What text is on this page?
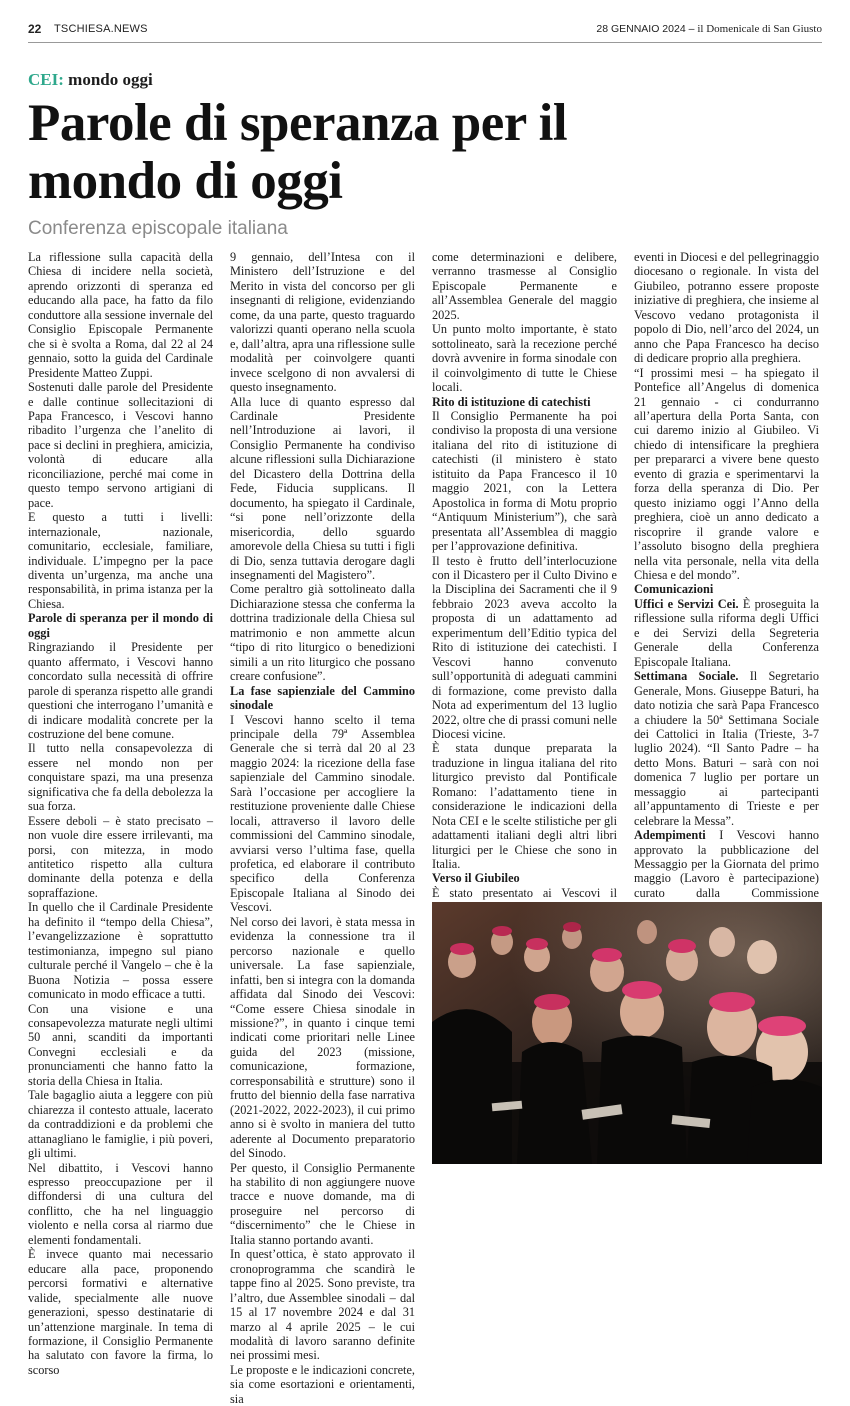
22 TSCHIESA.NEWS	28 GENNAIO 2024 – il Domenicale di San Giusto
CEI: mondo oggi
Parole di speranza per il mondo di oggi
Conferenza episcopale italiana

La riflessione sulla capacità della Chiesa di incidere nella società, aprendo orizzonti di speranza ed educando alla pace, ha fatto da filo conduttore alla sessione invernale del Consiglio Episcopale Permanente che si è svolta a Roma, dal 22 al 24 gennaio, sotto la guida del Cardinale Presidente Matteo Zuppi.

Sostenuti dalle parole del Presidente e dalle continue sollecitazioni di Papa Francesco, i Vescovi hanno ribadito l’urgenza che l’anelito di pace si declini in preghiera, amicizia, volontà di educare alla riconciliazione, perché mai come in questo tempo servono artigiani di pace.

E questo a tutti i livelli: internazionale, nazionale, comunitario, ecclesiale, familiare, individuale. L’impegno per la pace diventa un’urgenza, ma anche una responsabilità, in prima istanza per la Chiesa.

Parole di speranza per il mondo di oggi

Ringraziando il Presidente per quanto affermato, i Vescovi hanno concordato sulla necessità di offrire parole di speranza rispetto alle grandi questioni che interrogano l’umanità e di indicare modalità concrete per la costruzione del bene comune.

Il tutto nella consapevolezza di essere nel mondo non per conquistare spazi, ma una presenza significativa che fa della debolezza la sua forza.

Essere deboli – è stato precisato – non vuole dire essere irrilevanti, ma porsi, con mitezza, in modo antitetico rispetto alla cultura dominante della potenza e della sopraffazione.

In quello che il Cardinale Presidente ha definito il “tempo della Chiesa”, l’evangelizzazione è soprattutto testimonianza, impegno sul piano culturale perché il Vangelo – che è la Buona Notizia – possa essere comunicato in modo efficace a tutti.

Con una visione e una consapevolezza maturate negli ultimi 50 anni, scanditi da importanti Convegni ecclesiali e da pronunciamenti che hanno fatto la storia della Chiesa in Italia.

Tale bagaglio aiuta a leggere con più chiarezza il contesto attuale, lacerato da contraddizioni e da problemi che attanagliano le famiglie, i più poveri, gli ultimi.

Nel dibattito, i Vescovi hanno espresso preoccupazione per il diffondersi di una cultura del conflitto, che ha nel linguaggio violento e nella corsa al riarmo due elementi fondamentali.

È invece quanto mai necessario educare alla pace, proponendo percorsi formativi e alternative valide, specialmente alle nuove generazioni, spesso destinatarie di un’attenzione marginale. In tema di formazione, il Consiglio Permanente ha salutato con favore la firma, lo scorso

9 gennaio, dell’Intesa con il Ministero dell’Istruzione e del Merito in vista del concorso per gli insegnanti di religione, evidenziando come, da una parte, questo traguardo valorizzi quanti operano nella scuola e, dall’altra, apra una riflessione sulle modalità per coinvolgere quanti invece scelgono di non avvalersi di questo insegnamento.

Alla luce di quanto espresso dal Cardinale Presidente nell’Introduzione ai lavori, il Consiglio Permanente ha condiviso alcune riflessioni sulla Dichiarazione del Dicastero della Dottrina della Fede, Fiducia supplicans. Il documento, ha spiegato il Cardinale, “si pone nell’orizzonte della misericordia, dello sguardo amorevole della Chiesa su tutti i figli di Dio, senza tuttavia derogare dagli insegnamenti del Magistero”.

Come peraltro già sottolineato dalla Dichiarazione stessa che conferma la dottrina tradizionale della Chiesa sul matrimonio e non ammette alcun “tipo di rito liturgico o benedizioni simili a un rito liturgico che possano creare confusione”.

La fase sapienziale del Cammino sinodale

I Vescovi hanno scelto il tema principale della 79ª Assemblea Generale che si terrà dal 20 al 23 maggio 2024: la ricezione della fase sapienziale del Cammino sinodale. Sarà l’occasione per accogliere la restituzione proveniente dalle Chiese locali, attraverso il lavoro delle commissioni del Cammino sinodale, avviarsi verso l’ultima fase, quella profetica, ed elaborare il contributo specifico della Conferenza Episcopale Italiana al Sinodo dei Vescovi.

Nel corso dei lavori, è stata messa in evidenza la connessione tra il percorso nazionale e quello universale. La fase sapienziale, infatti, ben si integra con la domanda affidata dal Sinodo dei Vescovi: “Come essere Chiesa sinodale in missione?”, in quanto i cinque temi indicati come prioritari nelle Linee guida del 2023 (missione, comunicazione, formazione, corresponsabilità e strutture) sono il frutto del biennio della fase narrativa (2021-2022, 2022-2023), il cui primo anno si è svolto in maniera del tutto aderente al Documento preparatorio del Sinodo.

Per questo, il Consiglio Permanente ha stabilito di non aggiungere nuove tracce e nuove domande, ma di proseguire nel percorso di “discernimento” che le Chiese in Italia stanno portando avanti.

In quest’ottica, è stato approvato il cronoprogramma che scandirà le tappe fino al 2025. Sono previste, tra l’altro, due Assemblee sinodali – dal 15 al 17 novembre 2024 e dal 31 marzo al 4 aprile 2025 – le cui modalità di lavoro saranno definite nei prossimi mesi.

Le proposte e le indicazioni concrete, sia come esortazioni e orientamenti, sia

come determinazioni e delibere, verranno trasmesse al Consiglio Episcopale Permanente e all’Assemblea Generale del maggio 2025.

Un punto molto importante, è stato sottolineato, sarà la recezione perché dovrà avvenire in forma sinodale con il coinvolgimento di tutte le Chiese locali.

Rito di istituzione di catechisti

Il Consiglio Permanente ha poi condiviso la proposta di una versione italiana del rito di istituzione di catechisti (il ministero è stato istituito da Papa Francesco il 10 maggio 2021, con la Lettera Apostolica in forma di Motu proprio “Antiquum Ministerium”), che sarà presentata all’Assemblea di maggio per l’approvazione definitiva.

Il testo è frutto dell’interlocuzione con il Dicastero per il Culto Divino e la Disciplina dei Sacramenti che il 9 febbraio 2023 aveva accolto la proposta di un adattamento ad experimentum dell’Editio typica del Rito di istituzione dei catechisti. I Vescovi hanno convenuto sull’opportunità di adeguati cammini di formazione, come previsto dalla Nota ad experimentum del 13 luglio 2022, oltre che di prassi comuni nelle Diocesi vicine.

È stata dunque preparata la traduzione in lingua italiana del rito liturgico previsto dal Pontificale Romano: l’adattamento tiene in considerazione le indicazioni della Nota CEI e le scelte stilistiche per gli adattamenti italiani degli altri libri liturgici per le Chiese che sono in Italia.

Verso il Giubileo

È stato presentato ai Vescovi il

eventi in Diocesi e del pellegrinaggio diocesano o regionale. In vista del Giubileo, potranno essere proposte iniziative di preghiera, che insieme al Vescovo vedano protagonista il popolo di Dio, nell’arco del 2024, un anno che Papa Francesco ha deciso di dedicare proprio alla preghiera.

“I prossimi mesi – ha spiegato il Pontefice all’Angelus di domenica 21 gennaio - ci condurranno all’apertura della Porta Santa, con cui daremo inizio al Giubileo. Vi chiedo di intensificare la preghiera per prepararci a vivere bene questo evento di grazia e sperimentarvi la forza della speranza di Dio. Per questo iniziamo oggi l’Anno della preghiera, cioè un anno dedicato a riscoprire il grande valore e l’assoluto bisogno della preghiera nella vita personale, nella vita della Chiesa e del mondo”.

Comunicazioni

Uffici e Servizi Cei. È proseguita la riflessione sulla riforma degli Uffici e dei Servizi della Segreteria Generale della Conferenza Episcopale Italiana.

Settimana Sociale. Il Segretario Generale, Mons. Giuseppe Baturi, ha dato notizia che sarà Papa Francesco a chiudere la 50ª Settimana Sociale dei Cattolici in Italia (Trieste, 3-7 luglio 2024). “Il Santo Padre – ha detto Mons. Baturi – sarà con noi domenica 7 luglio per portare un messaggio ai partecipanti all’appuntamento di Trieste e per celebrare la Messa”.

Adempimenti I Vescovi hanno approvato la pubblicazione del Messaggio per la Giornata del primo maggio (Lavoro è partecipazione) curato dalla Commissione
